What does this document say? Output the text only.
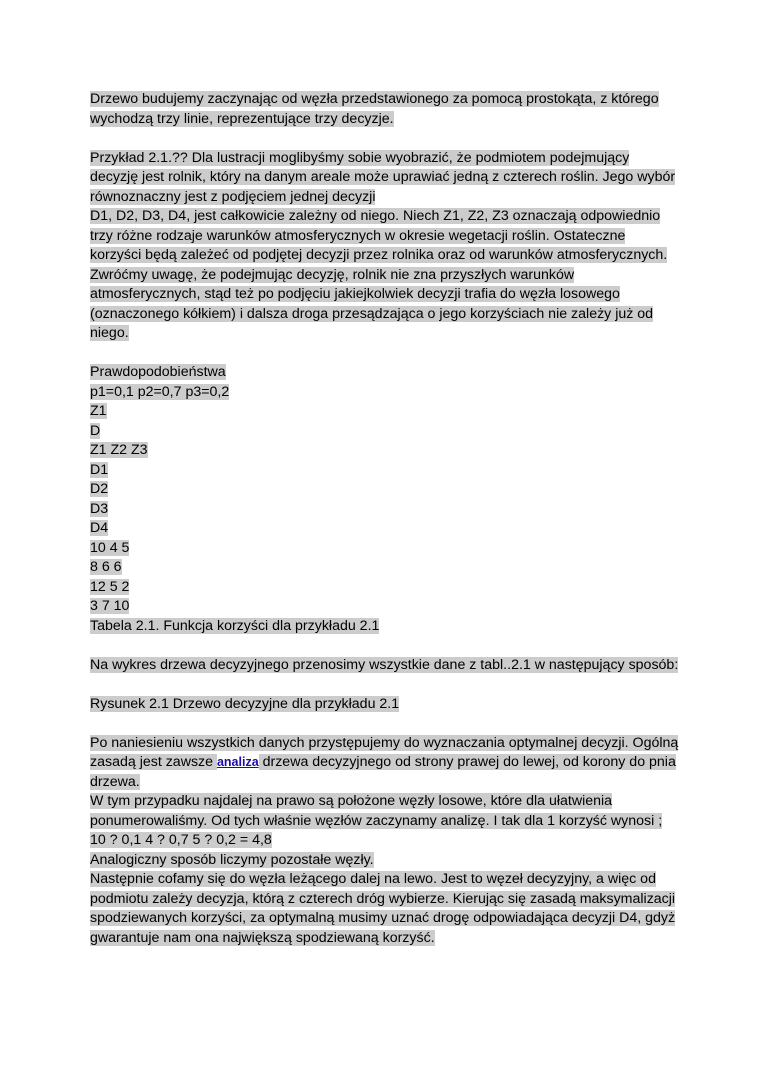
Drzewo budujemy zaczynając od węzła przedstawionego za pomocą prostokąta, z którego wychodzą trzy linie, reprezentujące trzy decyzje.

Przykład 2.1.?? Dla lustracji moglibyśmy sobie wyobrazić, że podmiotem podejmujący decyzję jest rolnik, który na danym areale może uprawiać jedną z czterech roślin. Jego wybór równoznaczny jest z podjęciem jednej decyzji

D1, D2, D3, D4, jest całkowicie zależny od niego. Niech Z1, Z2, Z3 oznaczają odpowiednio trzy różne rodzaje warunków atmosferycznych w okresie wegetacji roślin. Ostateczne korzyści będą zależeć od podjętej decyzji przez rolnika oraz od warunków atmosferycznych. Zwróćmy uwagę, że podejmując decyzję, rolnik nie zna przyszłych warunków atmosferycznych, stąd też po podjęciu jakiejkolwiek decyzji trafia do węzła losowego (oznaczonego kółkiem) i dalsza droga przesądzająca o jego korzyściach nie zależy już od niego.

Prawdopodobieństwa
p1=0,1 p2=0,7 p3=0,2
Z1
D
Z1 Z2 Z3
D1
D2
D3
D4
10 4 5
8 6 6
12 5 2
3 7 10
Tabela 2.1. Funkcja korzyści dla przykładu 2.1

Na wykres drzewa decyzyjnego przenosimy wszystkie dane z tabl..2.1 w następujący sposób:

Rysunek 2.1 Drzewo decyzyjne dla przykładu 2.1

Po naniesieniu wszystkich danych przystępujemy do wyznaczania optymalnej decyzji. Ogólną zasadą jest zawsze analiza drzewa decyzyjnego od strony prawej do lewej, od korony do pnia drzewa.

W tym przypadku najdalej na prawo są położone węzły losowe, które dla ułatwienia ponumerowaliśmy. Od tych właśnie węzłów zaczynamy analizę. I tak dla 1 korzyść wynosi ;

10 ? 0,1 4 ? 0,7 5 ? 0,2 = 4,8

Analogiczny sposób liczymy pozostałe węzły.

Następnie cofamy się do węzła leżącego dalej na lewo. Jest to węzeł decyzyjny, a więc od podmiotu zależy decyzja, którą z czterech dróg wybierze. Kierując się zasadą maksymalizacji spodziewanych korzyści, za optymalną musimy uznać drogę odpowiadająca decyzji D4, gdyż gwarantuje nam ona największą spodziewaną korzyść.
